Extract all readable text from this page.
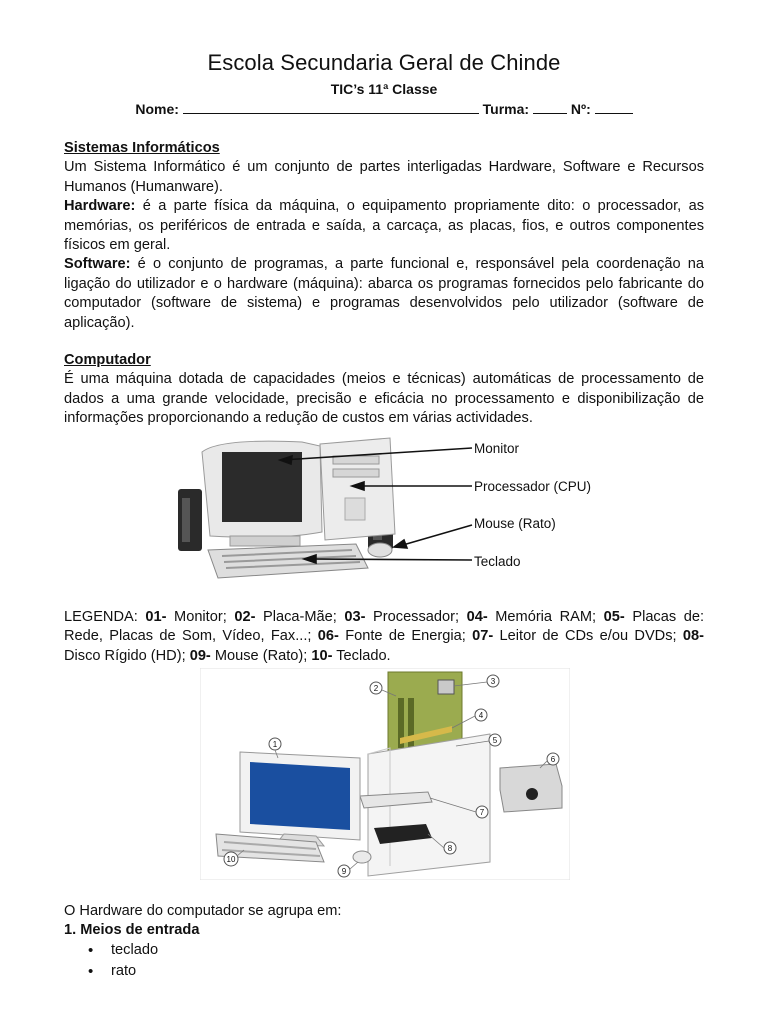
Escola Secundaria Geral de Chinde
TIC’s 11ª Classe
Nome:	Turma:	Nº:
Sistemas Informáticos
Um Sistema Informático é um conjunto de partes interligadas Hardware, Software e Recursos Humanos (Humanware).
Hardware: é a parte física da máquina, o equipamento propriamente dito: o processador, as memórias, os periféricos de entrada e saída, a carcaça, as placas, fios, e outros componentes físicos em geral.
Software: é o conjunto de programas, a parte funcional e, responsável pela coordenação na ligação do utilizador e o hardware (máquina): abarca os programas fornecidos pelo fabricante do computador (software de sistema) e programas desenvolvidos pelo utilizador (software de aplicação).
Computador
É uma máquina dotada de capacidades (meios e técnicas) automáticas de processamento de dados a uma grande velocidade, precisão e eficácia no processamento e disponibilização de informações proporcionando a redução de custos em várias actividades.
Monitor
Processador (CPU)
Mouse (Rato)
Teclado
LEGENDA: 01- Monitor; 02- Placa-Mãe; 03- Processador; 04- Memória RAM; 05- Placas de: Rede, Placas de Som, Vídeo, Fax...; 06- Fonte de Energia; 07- Leitor de CDs e/ou DVDs; 08- Disco Rígido (HD); 09- Mouse (Rato); 10- Teclado.
1
2
3
4
5
6
7
8
9
10
O Hardware do computador se agrupa em:
1. Meios de entrada
• teclado
• rato
